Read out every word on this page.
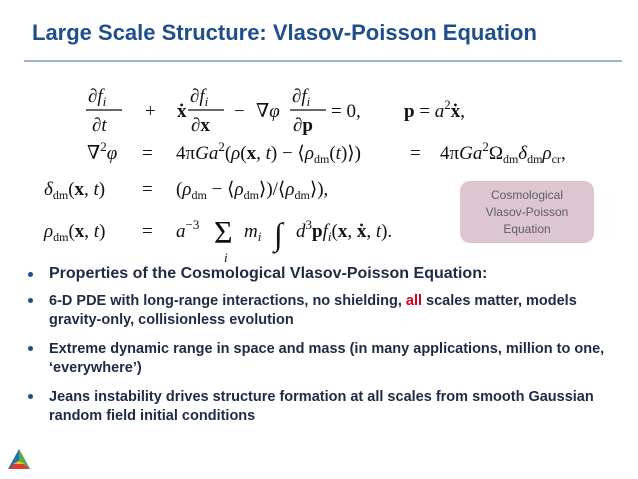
Large Scale Structure: Vlasov-Poisson Equation
$\partial f_i$
∂t
+ ẋ
$\partial f_i$
∂x
− ∇φ
$\partial f_i$
∂p
= 0, $p = a^2ẋ$,
∇$^2$φ = 4πGa$^2$(ρ(x, $t) - ⟨\rho_{dm}(t)⟩$)	= $4\pi Ga^2\Omega_{dm}\delta_{dm}\rho_{cr}$,
$\delta_{dm}(x$, $t) = (\rho_{dm}$ − $⟨\rho_{dm}⟩)/⟨\rho_{dm}⟩$),
$\rho_{dm}(x$, $t) = a^{-3}$ Σ
i
$m_i$ ∫ $d^3pf_i(x$, ẋ, t).
Cosmological
Vlasov-Poisson
Equation
Properties of the Cosmological Vlasov-Poisson Equation:
6-D PDE with long-range interactions, no shielding, all scales matter, models gravity-only, collisionless evolution
Extreme dynamic range in space and mass (in many applications, million to one, ‘everywhere’)
Jeans instability drives structure formation at all scales from smooth Gaussian random field initial conditions
